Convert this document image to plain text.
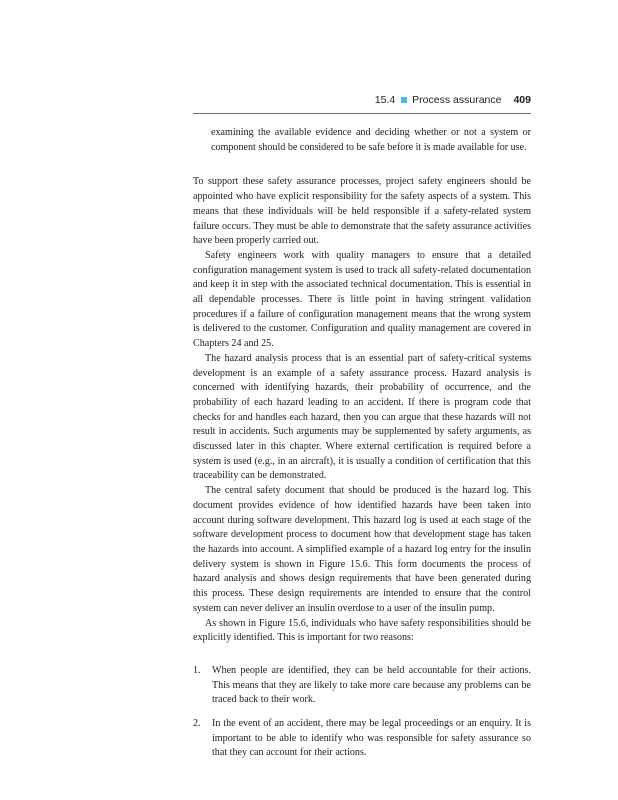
15.4 Process assurance 409

examining the available evidence and deciding whether or not a system or component should be considered to be safe before it is made available for use.

To support these safety assurance processes, project safety engineers should be appointed who have explicit responsibility for the safety aspects of a system. This means that these individuals will be held responsible if a safety-related system failure occurs. They must be able to demonstrate that the safety assurance activities have been properly carried out.

Safety engineers work with quality managers to ensure that a detailed configuration management system is used to track all safety-related documentation and keep it in step with the associated technical documentation. This is essential in all dependable processes. There is little point in having stringent validation procedures if a failure of configuration management means that the wrong system is delivered to the customer. Configuration and quality management are covered in Chapters 24 and 25.

The hazard analysis process that is an essential part of safety-critical systems development is an example of a safety assurance process. Hazard analysis is concerned with identifying hazards, their probability of occurrence, and the probability of each hazard leading to an accident. If there is program code that checks for and handles each hazard, then you can argue that these hazards will not result in accidents. Such arguments may be supplemented by safety arguments, as discussed later in this chapter. Where external certification is required before a system is used (e.g., in an aircraft), it is usually a condition of certification that this traceability can be demonstrated.

The central safety document that should be produced is the hazard log. This document provides evidence of how identified hazards have been taken into account during software development. This hazard log is used at each stage of the software development process to document how that development stage has taken the hazards into account. A simplified example of a hazard log entry for the insulin delivery system is shown in Figure 15.6. This form documents the process of hazard analysis and shows design requirements that have been generated during this process. These design requirements are intended to ensure that the control system can never deliver an insulin overdose to a user of the insulin pump.

As shown in Figure 15.6, individuals who have safety responsibilities should be explicitly identified. This is important for two reasons:

1. When people are identified, they can be held accountable for their actions. This means that they are likely to take more care because any problems can be traced back to their work.
2. In the event of an accident, there may be legal proceedings or an enquiry. It is important to be able to identify who was responsible for safety assurance so that they can account for their actions.
